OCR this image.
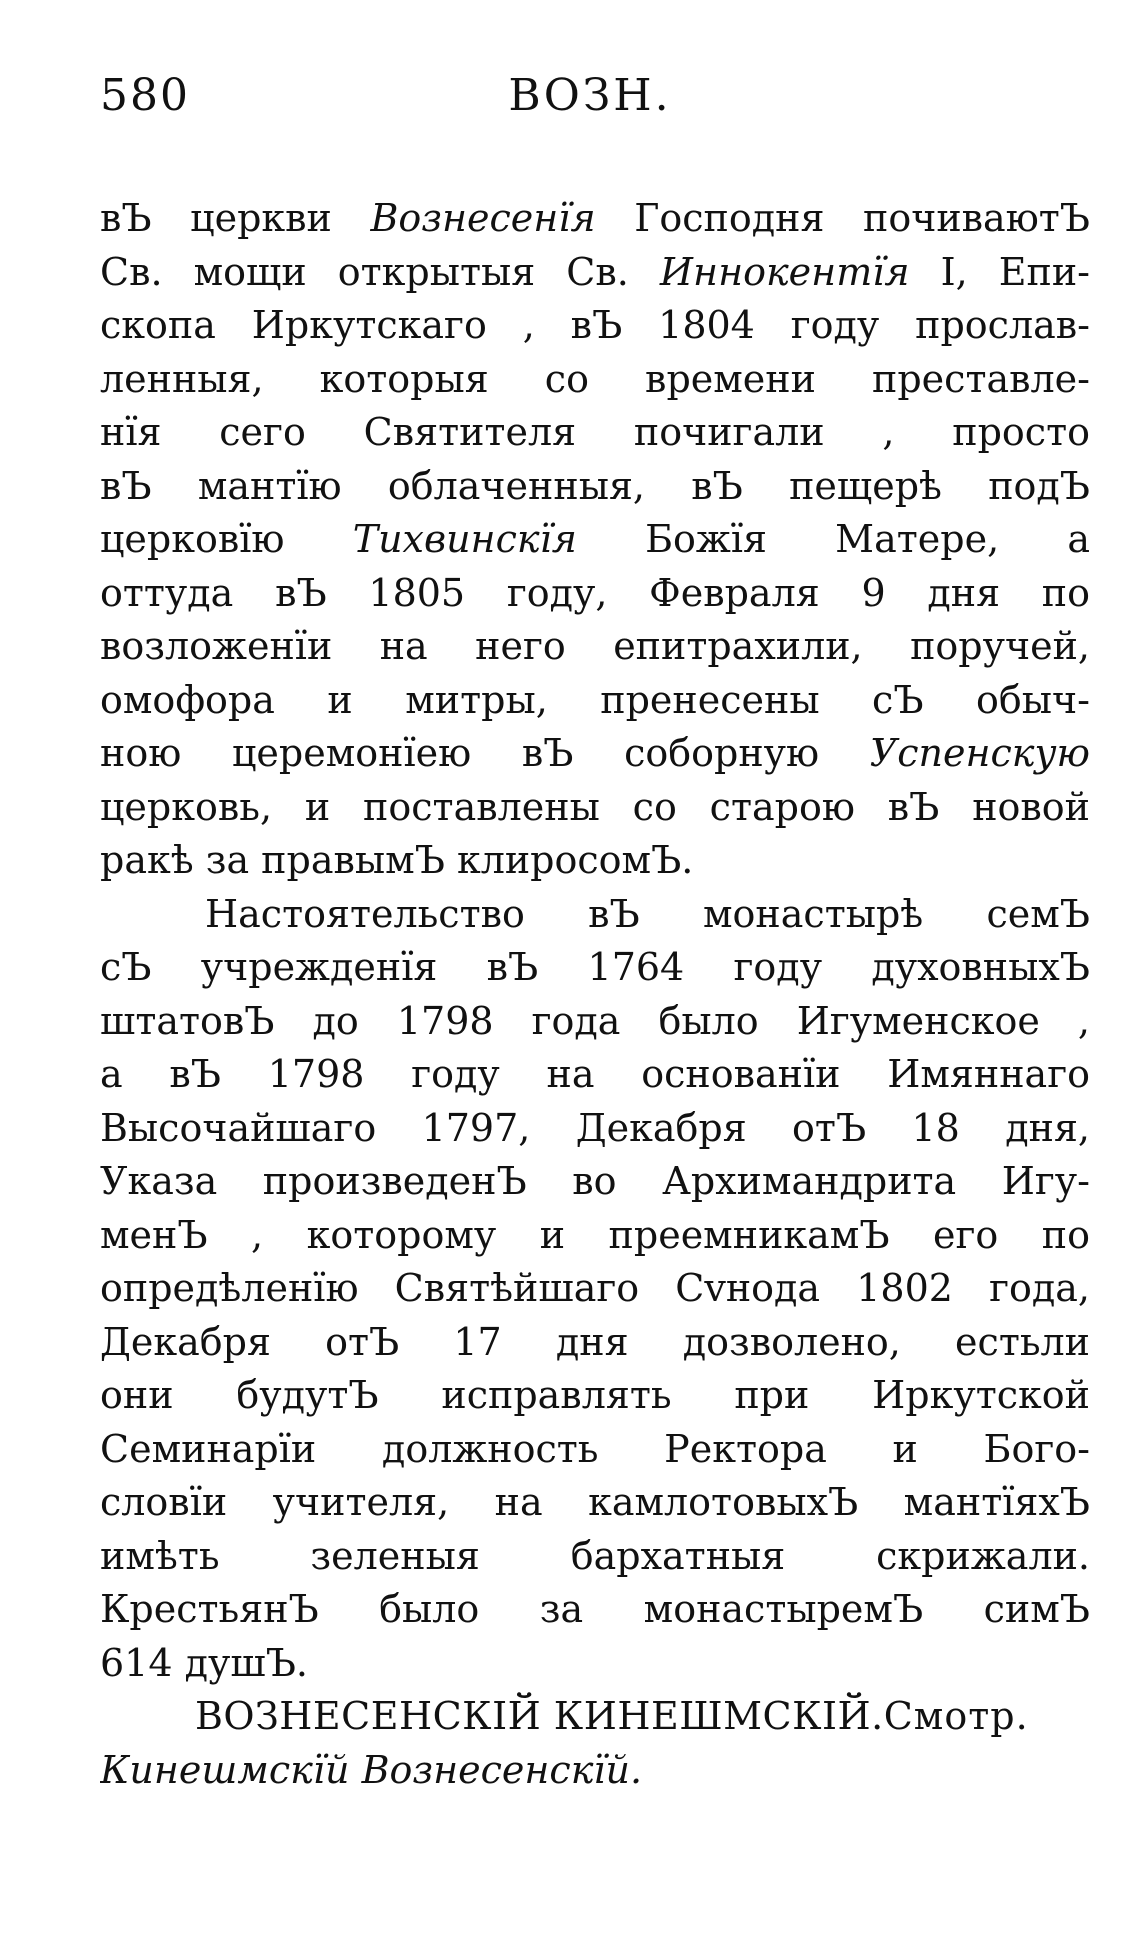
580	ВОЗН.
вЪ церкви Вознесенїя Господня почиваютЪ
Св. мощи открытыя Св. Иннокентїя I, Епи-
скопа Иркутскаго , вЪ 1804 году прослав-
ленныя, которыя со времени преставле-
нїя сего Святителя почигали , просто
вЪ мантїю облаченныя, вЪ пещерѣ подЪ
церковїю Тихвинскїя Божїя Матере, а
оттуда вЪ 1805 году, Февраля 9 дня по
возложенїи на него епитрахили, поручей,
омофора и митры, пренесены сЪ обыч-
ною церемонїею вЪ соборную Успенскую
церковь, и поставлены со старою вЪ новой
ракѣ за правымЪ клиросомЪ.
Настоятельство вЪ монастырѣ семЪ
сЪ учрежденїя вЪ 1764 году духовныхЪ
штатовЪ до 1798 года было Игуменское ,
а вЪ 1798 году на основанїи Имяннаго
Высочайшаго 1797, Декабря отЪ 18 дня,
Указа произведенЪ во Архимандрита Игу-
менЪ , которому и преемникамЪ его по
опредѣленїю Святѣйшаго Сvнода 1802 года,
Декабря отЪ 17 дня дозволено, естьли
они будутЪ исправлять при Иркутской
Семинарїи должность Ректора и Бого-
словїи учителя, на камлотовыхЪ мантїяхЪ
имѣть зеленыя бархатныя скрижали.
КрестьянЪ было за монастыремЪ симЪ
614 душЪ.
ВОЗНЕСЕНСКІЙ КИНЕШМСКІЙ.Смотр.
Кинешмскїй Вознесенскїй.
